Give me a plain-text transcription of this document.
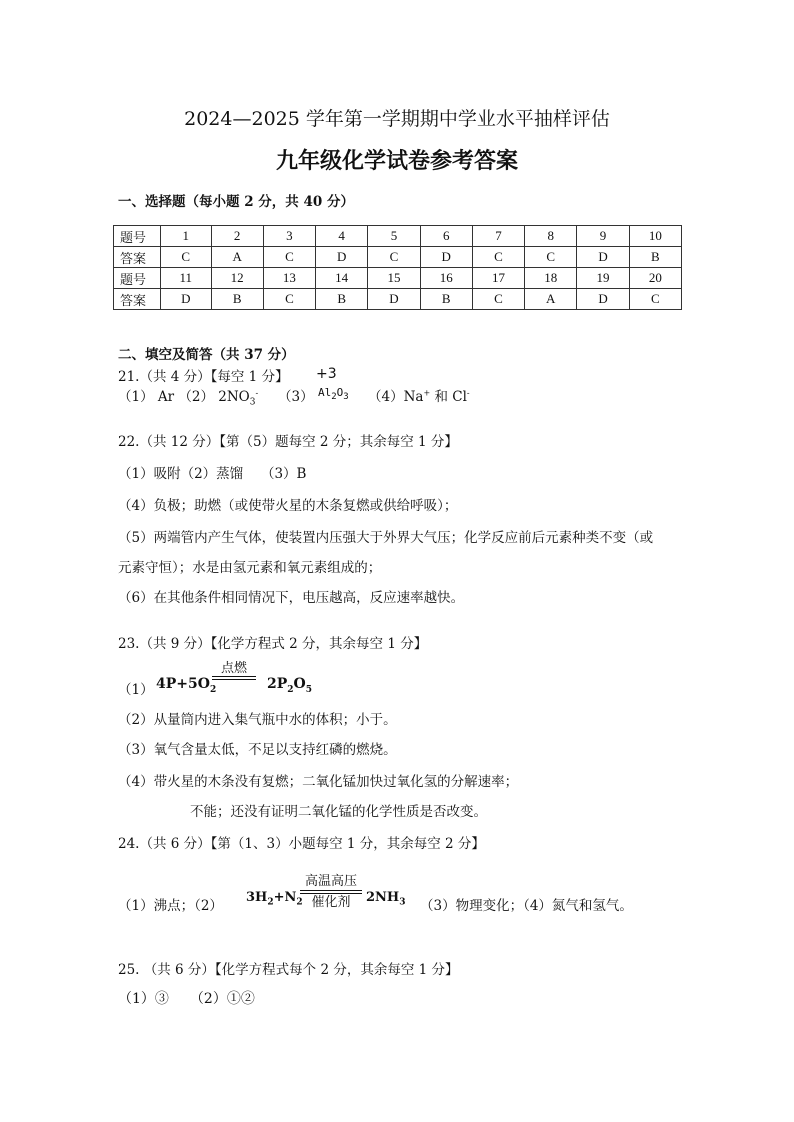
2024—2025 学年第一学期期中学业水平抽样评估
九年级化学试卷参考答案
一、选择题（每小题 2 分，共 40 分）
题号	1	2	3	4	5	6	7	8	9	10
答案	C	A	C	D	C	D	C	C	D	B
题号	11	12	13	14	15	16	17	18	19	20
答案	D	B	C	B	D	B	C	A	D	C
二、填空及简答（共 37 分）
21.（共 4 分）【每空 1 分】
（1） Ar （2） $2NO_3^-$ （3）
+3
$Al_2O_3$ （4）Na+ 和 Cl-
22.（共 12 分）【第（5）题每空 2 分；其余每空 1 分】
（1）吸附（2）蒸馏　 （3）B
（4）负极；助燃（或使带火星的木条复燃或供给呼吸）；
（5）两端管内产生气体，使装置内压强大于外界大气压；化学反应前后元素种类不变（或
元素守恒）；水是由氢元素和氧元素组成的；
（6）在其他条件相同情况下，电压越高，反应速率越快。
23.（共 9 分）【化学方程式 2 分，其余每空 1 分】
（1） $4P+5O_2$
点燃
$2P_2O_5$
（2）从量筒内进入集气瓶中水的体积；小于。
（3）氧气含量太低，不足以支持红磷的燃烧。
（4）带火星的木条没有复燃；二氧化锰加快过氧化氢的分解速率；
不能；还没有证明二氧化锰的化学性质是否改变。
24.（共 6 分）【第（1、3）小题每空 1 分，其余每空 2 分】
（1）沸点；（2）
$3H_2+N_2$
高温高压
催化剂	$2NH_3$ （3）物理变化；（4）氮气和氢气。
25. （共 6 分）【化学方程式每个 2 分，其余每空 1 分】
（1）③　　（2）①②
